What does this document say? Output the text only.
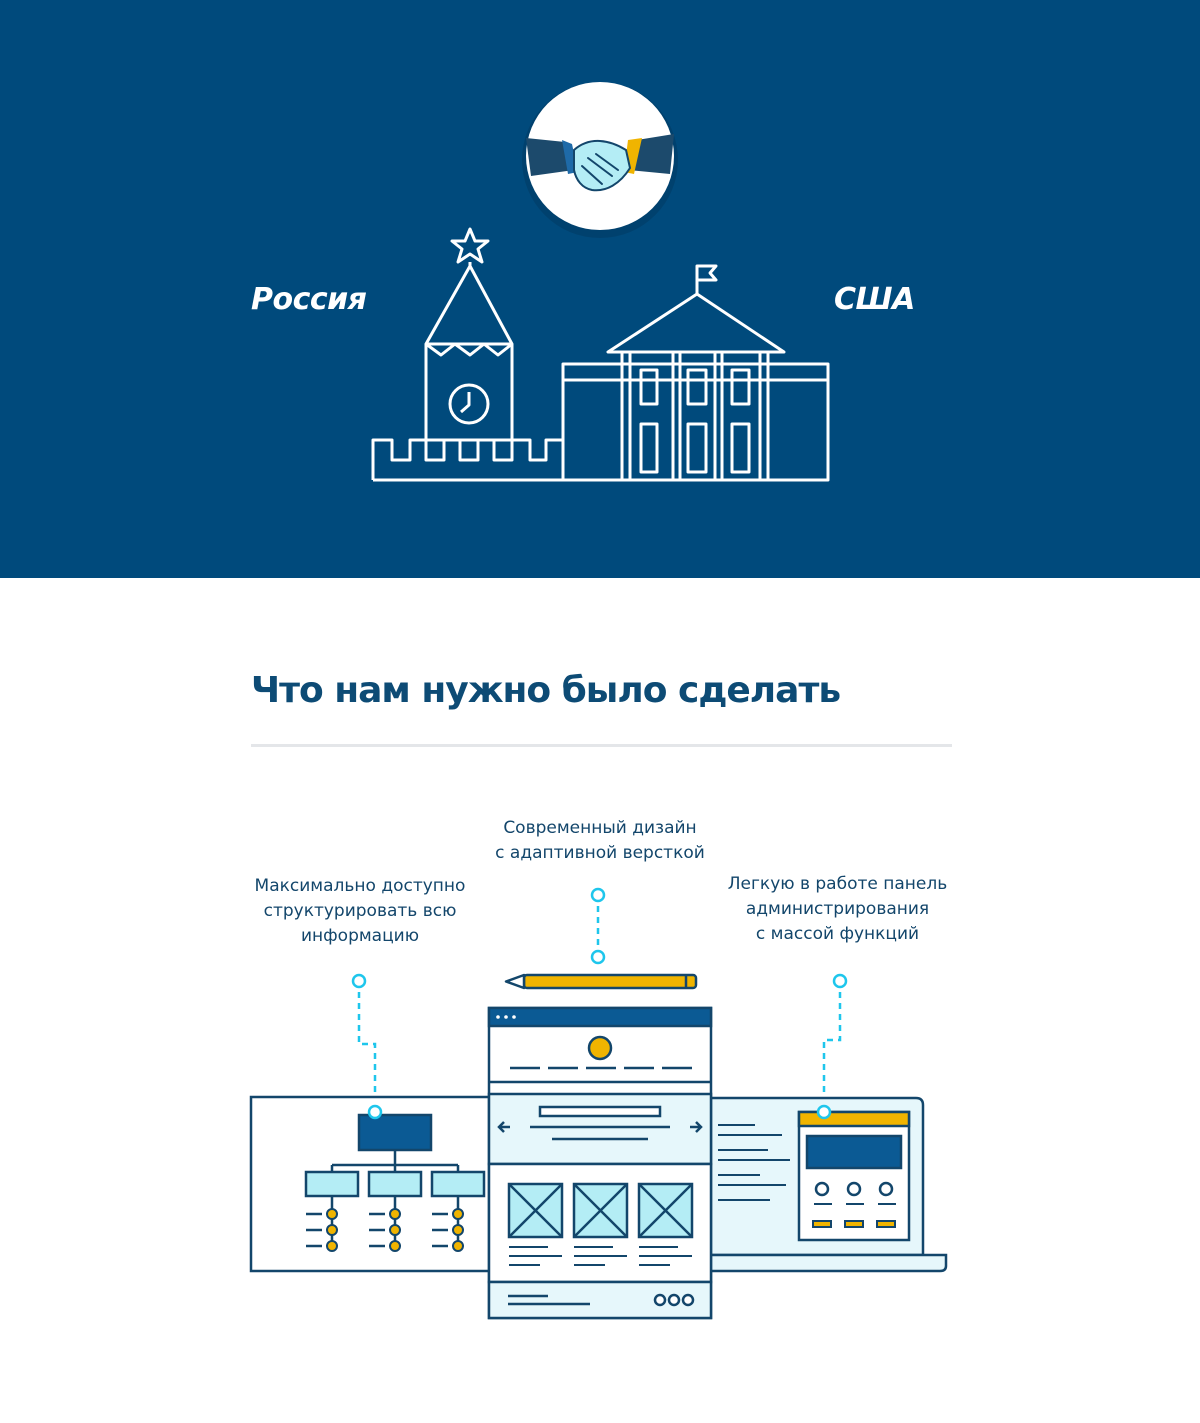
Россия	США
Что нам нужно было сделать
Максимально доступно
структурировать всю
информацию
Современный дизайн
с адаптивной версткой
Легкую в работе панель
администрирования
с массой функций
